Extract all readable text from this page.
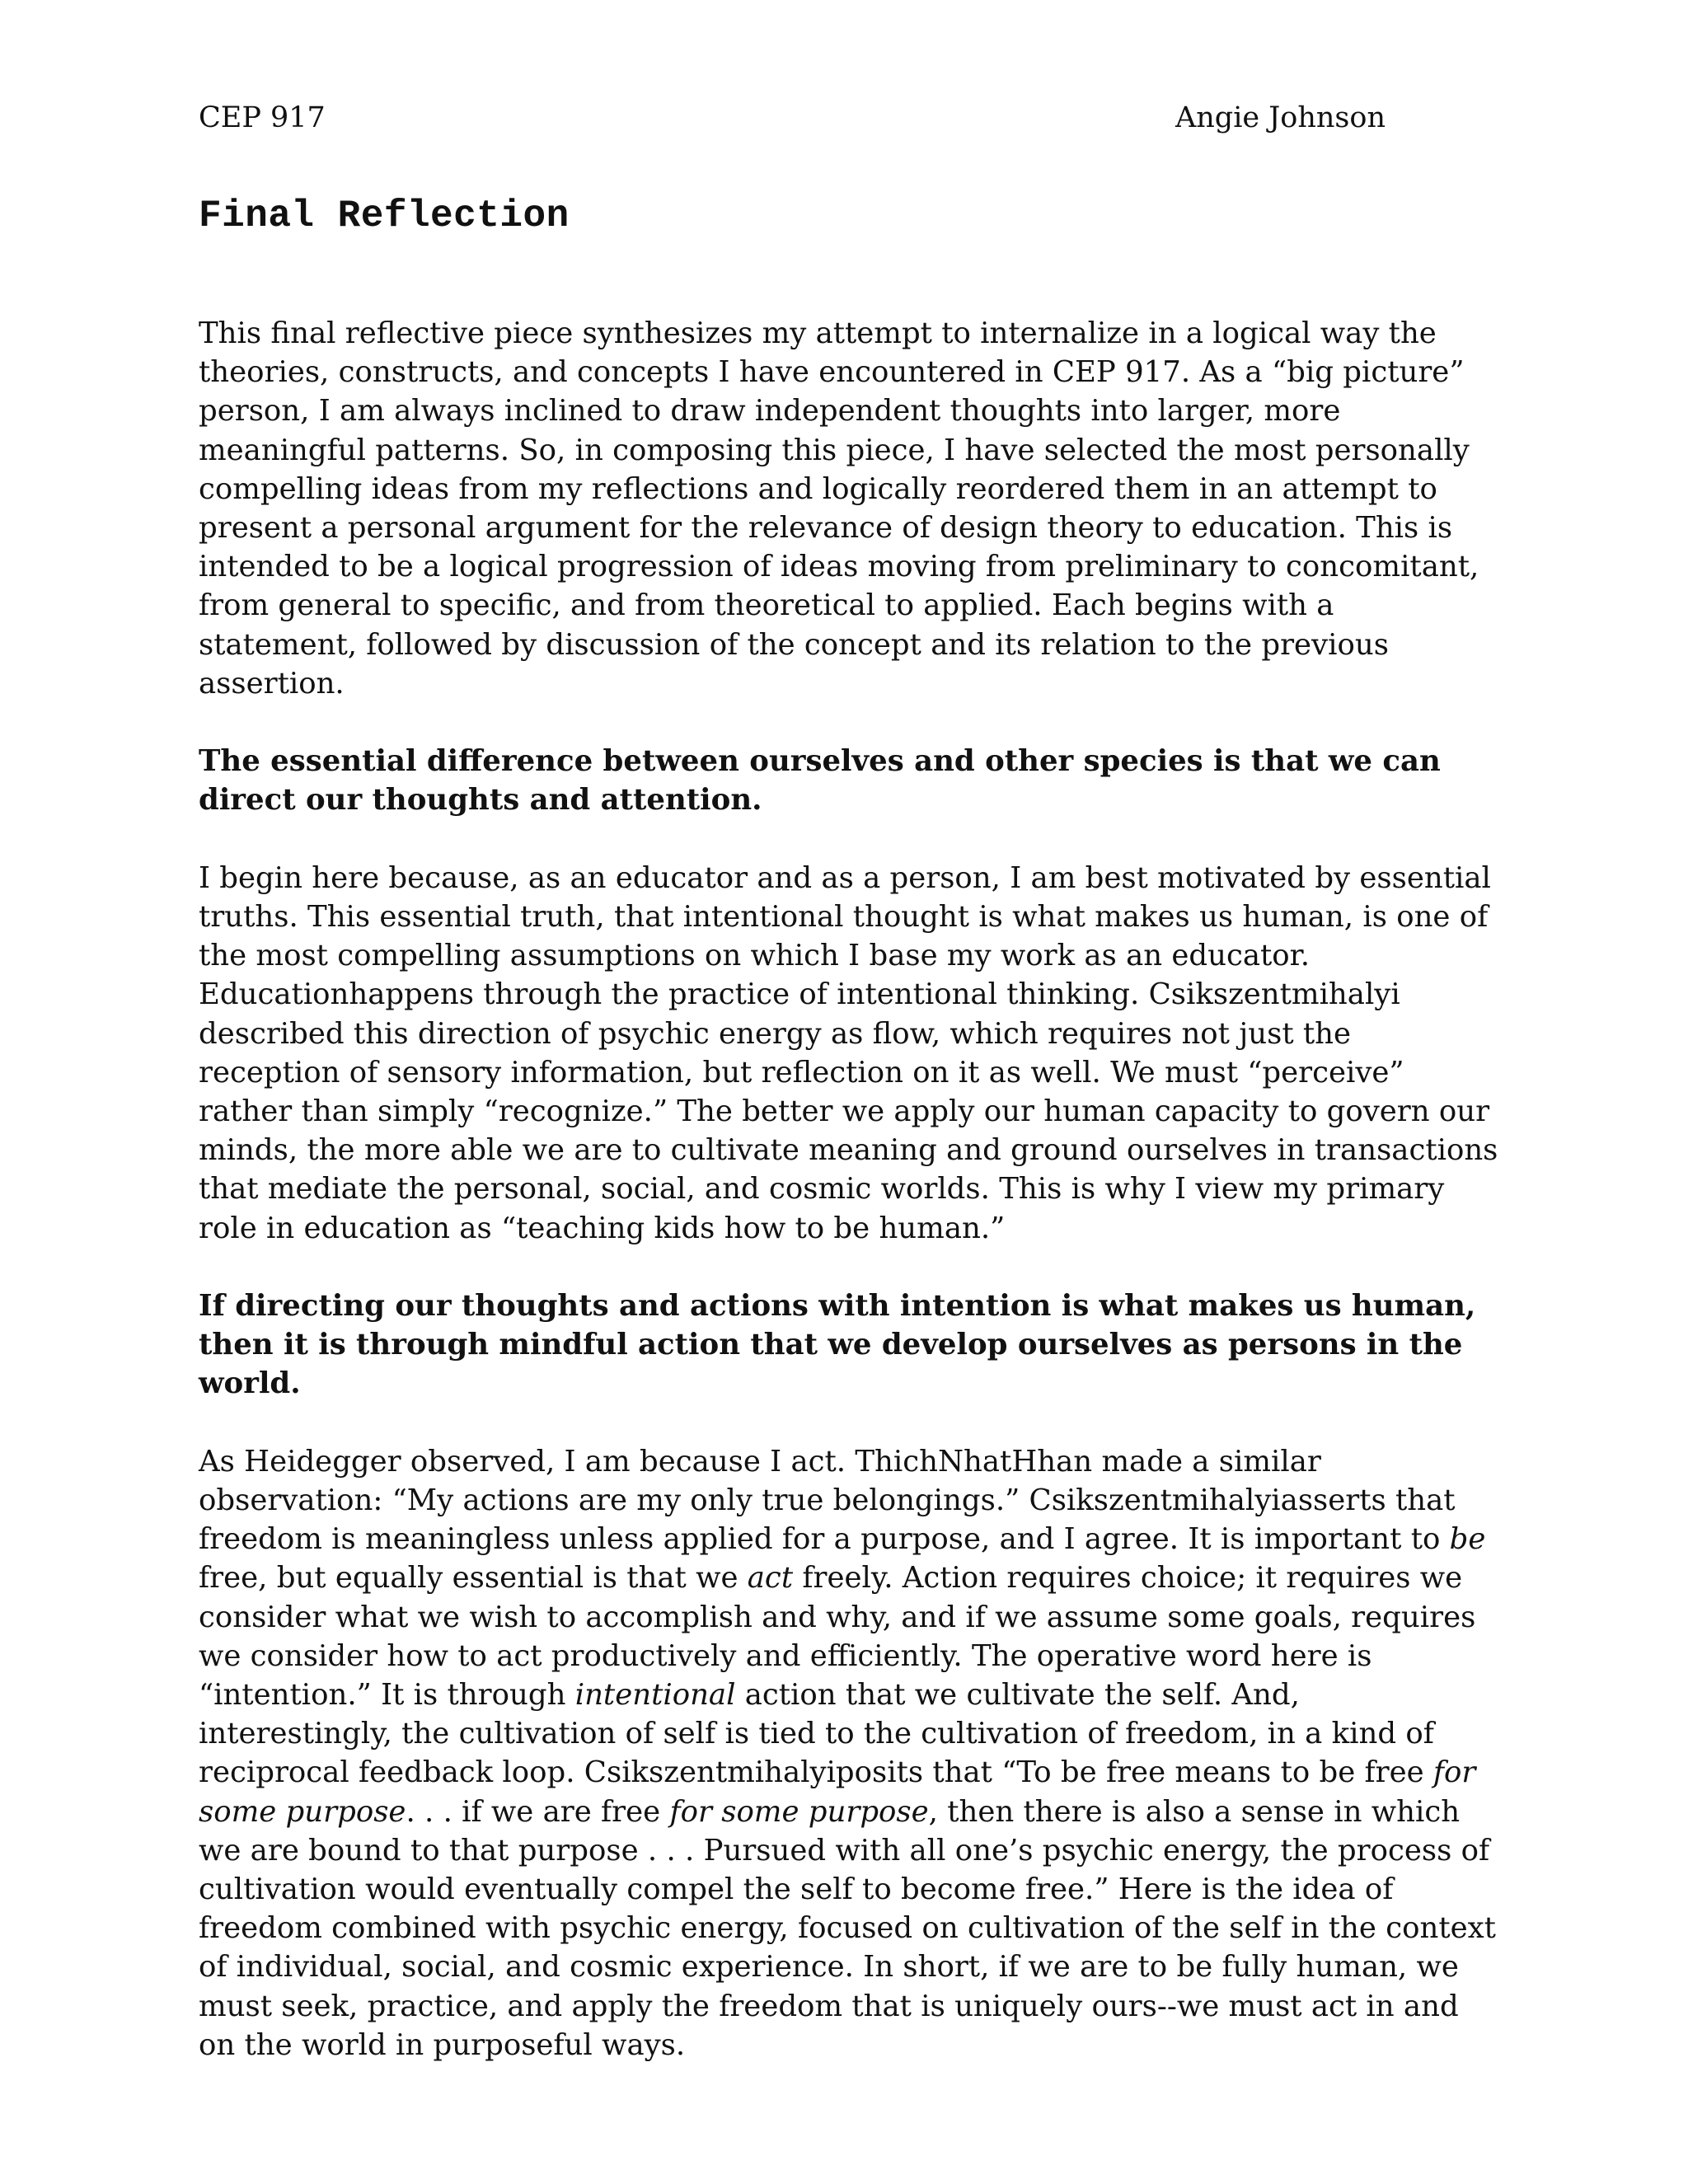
CEP 917	Angie Johnson
Final Reflection

This final reflective piece synthesizes my attempt to internalize in a logical way the theories, constructs, and concepts I have encountered in CEP 917. As a “big picture” person, I am always inclined to draw independent thoughts into larger, more meaningful patterns. So, in composing this piece, I have selected the most personally compelling ideas from my reflections and logically reordered them in an attempt to present a personal argument for the relevance of design theory to education. This is intended to be a logical progression of ideas moving from preliminary to concomitant, from general to specific, and from theoretical to applied. Each begins with a statement, followed by discussion of the concept and its relation to the previous assertion.

The essential difference between ourselves and other species is that we can direct our thoughts and attention.

I begin here because, as an educator and as a person, I am best motivated by essential truths. This essential truth, that intentional thought is what makes us human, is one of the most compelling assumptions on which I base my work as an educator. Educationhappens through the practice of intentional thinking. Csikszentmihalyi described this direction of psychic energy as flow, which requires not just the reception of sensory information, but reflection on it as well. We must “perceive” rather than simply “recognize.” The better we apply our human capacity to govern our minds, the more able we are to cultivate meaning and ground ourselves in transactions that mediate the personal, social, and cosmic worlds. This is why I view my primary role in education as “teaching kids how to be human.”

If directing our thoughts and actions with intention is what makes us human, then it is through mindful action that we develop ourselves as persons in the world.

As Heidegger observed, I am because I act. ThichNhatHhan made a similar observation: “My actions are my only true belongings.” Csikszentmihalyiasserts that freedom is meaningless unless applied for a purpose, and I agree. It is important to be free, but equally essential is that we act freely. Action requires choice; it requires we consider what we wish to accomplish and why, and if we assume some goals, requires we consider how to act productively and efficiently. The operative word here is “intention.” It is through intentional action that we cultivate the self. And, interestingly, the cultivation of self is tied to the cultivation of freedom, in a kind of reciprocal feedback loop. Csikszentmihalyiposits that “To be free means to be free for some purpose. . . if we are free for some purpose, then there is also a sense in which we are bound to that purpose . . . Pursued with all one’s psychic energy, the process of cultivation would eventually compel the self to become free.” Here is the idea of freedom combined with psychic energy, focused on cultivation of the self in the context of individual, social, and cosmic experience. In short, if we are to be fully human, we must seek, practice, and apply the freedom that is uniquely ours--we must act in and on the world in purposeful ways.
